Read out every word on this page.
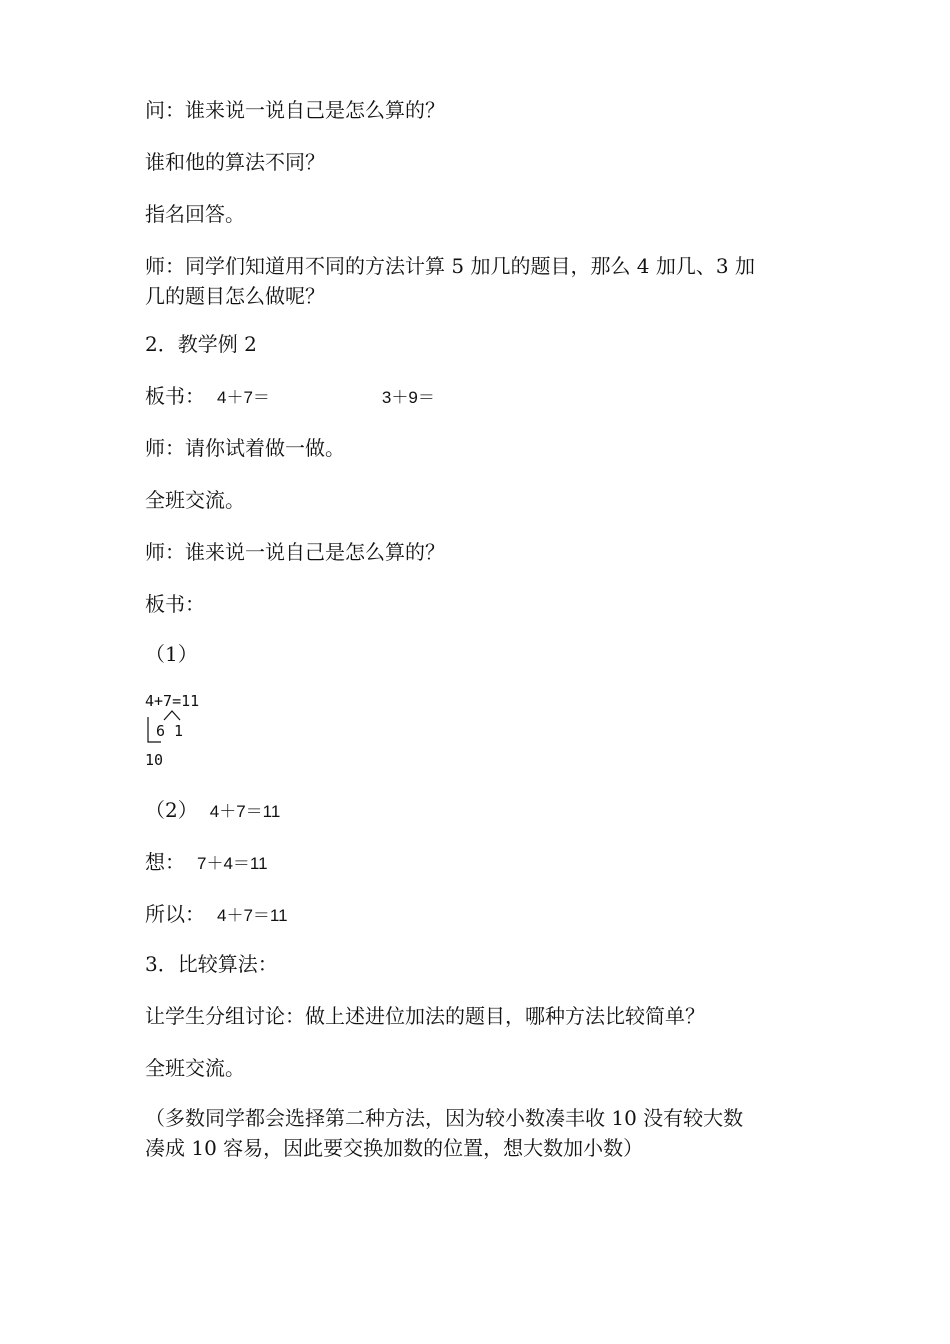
问：谁来说一说自己是怎么算的？

谁和他的算法不同？

指名回答。

师：同学们知道用不同的方法计算 5 加几的题目，那么 4 加几、3 加

几的题目怎么做呢？

2．教学例 2

板书： 4＋7＝	3＋9＝

师：请你试着做一做。

全班交流。

师：谁来说一说自己是怎么算的？

板书：

（1）

4+7=11
6 1
10

（2） 4＋7＝11

想： 7＋4＝11

所以： 4＋7＝11

3．比较算法：

让学生分组讨论：做上述进位加法的题目，哪种方法比较简单？

全班交流。

（多数同学都会选择第二种方法，因为较小数凑丰收 10 没有较大数

凑成 10 容易，因此要交换加数的位置，想大数加小数）
